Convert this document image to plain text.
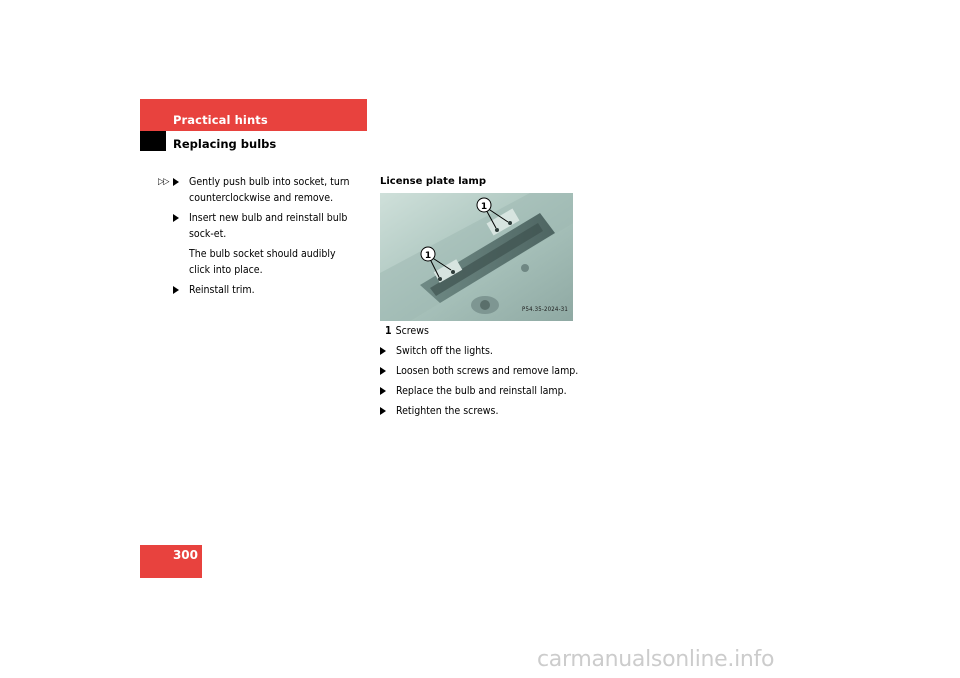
Practical hints
Replacing bulbs
▷▷	Gently push bulb into socket, turn counterclockwise and remove.
Insert new bulb and reinstall bulb sock-et.
The bulb socket should audibly click into place.
Reinstall trim.
License plate lamp
1
1
P54.35-2024-31
1 Screws
Switch off the lights.
Loosen both screws and remove lamp.
Replace the bulb and reinstall lamp.
Retighten the screws.
300
carmanualsonline.info
